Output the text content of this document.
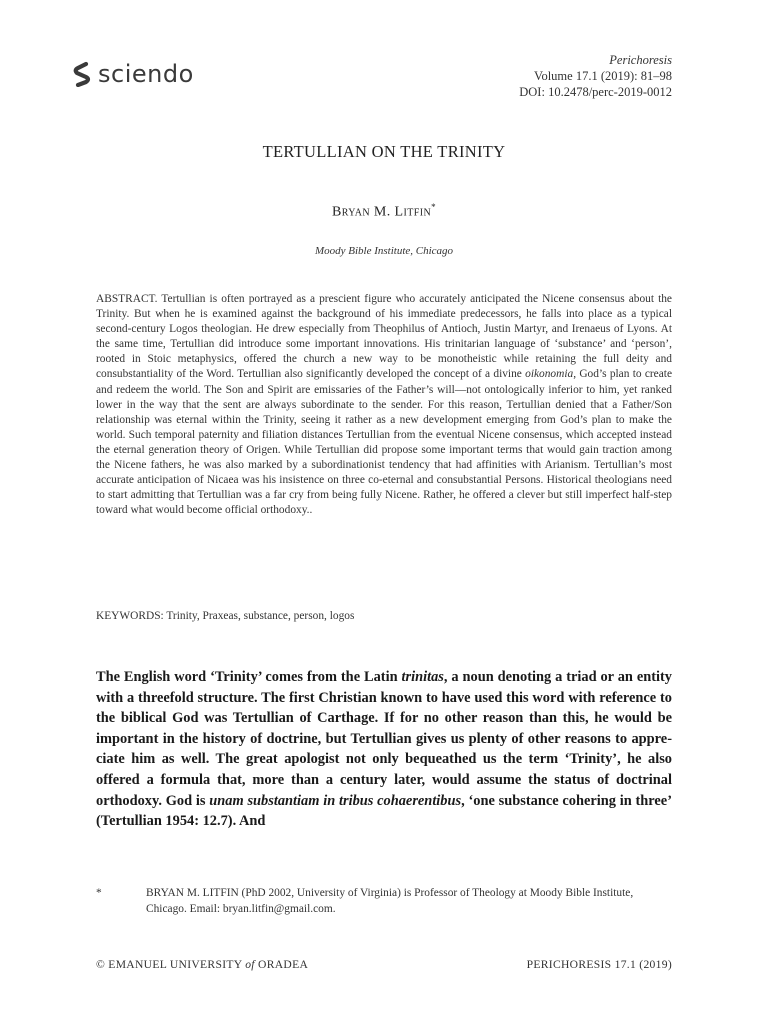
sciendo	Perichoresis
Volume 17.1 (2019): 81–98
DOI: 10.2478/perc-2019-0012
TERTULLIAN ON THE TRINITY
Bryan M. Litfin*
Moody Bible Institute, Chicago

ABSTRACT. Tertullian is often portrayed as a prescient figure who accurately anticipated the Nicene consensus about the Trinity. But when he is examined against the background of his immediate predecessors, he falls into place as a typical second-century Logos theologian. He drew especially from Theophilus of Antioch, Justin Martyr, and Irenaeus of Lyons. At the same time, Tertullian did introduce some important innovations. His trinitarian language of ‘substance’ and ‘person’, rooted in Stoic metaphysics, offered the church a new way to be monotheistic while retaining the full deity and consubstantiality of the Word. Tertullian also significantly developed the concept of a divine oikonomia, God’s plan to create and redeem the world. The Son and Spirit are emissaries of the Father’s will—not ontologically inferior to him, yet ranked lower in the way that the sent are always subordinate to the sender. For this reason, Tertullian denied that a Father/Son relationship was eternal within the Trinity, seeing it rather as a new development emerging from God’s plan to make the world. Such temporal paternity and filiation distances Tertullian from the eventual Nicene consensus, which accepted instead the eternal generation theory of Origen. While Tertullian did propose some important terms that would gain traction among the Nicene fathers, he was also marked by a subordinationist tendency that had affinities with Arianism. Tertullian’s most accurate anticipation of Nicaea was his insistence on three co-eternal and consubstantial Persons. Historical theologians need to start admitting that Tertullian was a far cry from being fully Nicene. Rather, he offered a clever but still imperfect half-step toward what would become official orthodoxy..

KEYWORDS: Trinity, Praxeas, substance, person, logos

The English word ‘Trinity’ comes from the Latin trinitas, a noun denoting a triad or an entity with a threefold structure. The first Christian known to have used this word with reference to the biblical God was Tertullian of Carthage. If for no other reason than this, he would be important in the history of doctrine, but Tertullian gives us plenty of other reasons to appreciate him as well. The great apologist not only bequeathed us the term ‘Trinity’, he also offered a formula that, more than a century later, would assume the status of doctrinal orthodoxy. God is unam substantiam in tribus cohaerentibus, ‘one substance cohering in three’ (Tertullian 1954: 12.7). And

*	BRYAN M. LITFIN (PhD 2002, University of Virginia) is Professor of Theology at Moody Bible Institute, Chicago. Email: bryan.litfin@gmail.com.
© EMANUEL UNIVERSITY of ORADEA	PERICHORESIS 17.1 (2019)
